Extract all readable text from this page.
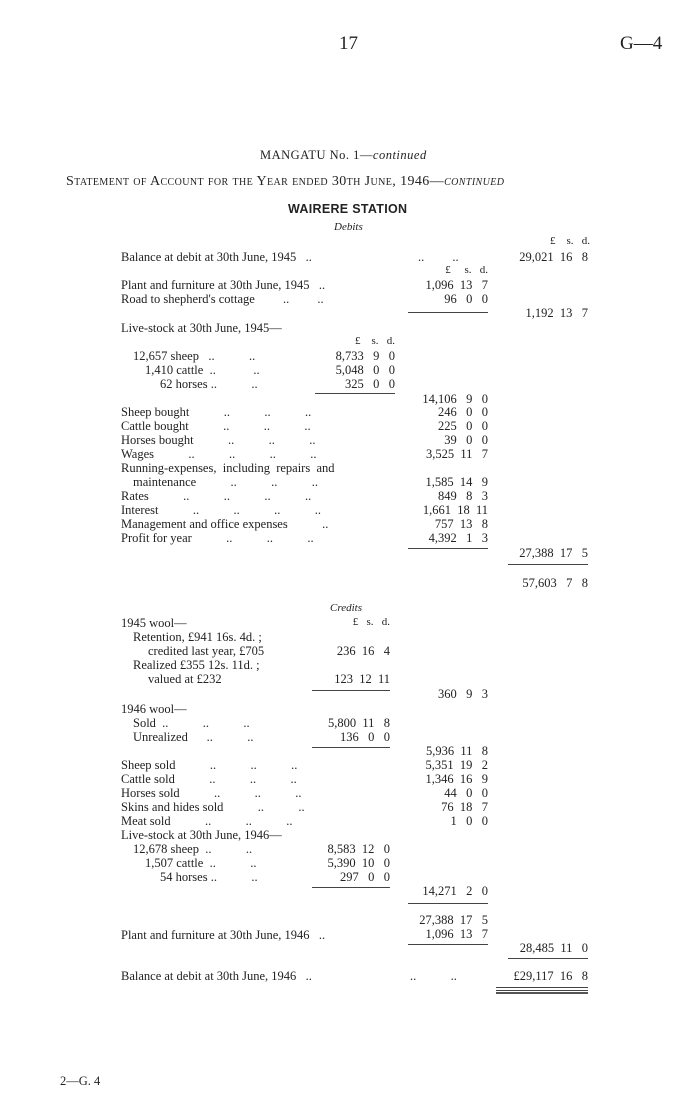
17	G—4
MANGATU No. 1—continued
Statement of Account for the Year ended 30th June, 1946—continued
WAIRERE STATION
Debits
£    s.   d.
Balance at debit at 30th June, 1945   ..	..         ..	29,021  16   8
£     s.   d.
Plant and furniture at 30th June, 1945   ..	1,096  13   7
Road to shepherd's cottage         ..         ..	96   0   0
1,192  13   7
Live-stock at 30th June, 1945—
£    s.   d.
12,657 sheep   ..           ..	8,733   9   0
1,410 cattle  ..            ..	5,048   0   0
62 horses ..           ..	325   0   0
14,106   9   0
Sheep bought           ..           ..           ..	246   0   0
Cattle bought           ..           ..           ..	225   0   0
Horses bought           ..           ..           ..	39   0   0
Wages           ..           ..           ..           ..	3,525  11   7
Running-expenses,  including  repairs  and
maintenance           ..           ..           ..	1,585  14   9
Rates           ..           ..           ..           ..	849   8   3
Interest           ..           ..           ..           ..	1,661  18  11
Management and office expenses           ..	757  13   8
Profit for year           ..           ..           ..	4,392   1   3
27,388  17   5
57,603   7   8
Credits
£   s.   d.
1945 wool—
Retention, £941 16s. 4d. ;
credited last year, £705	236  16   4
Realized £355 12s. 11d. ;
valued at £232	123  12  11
360   9   3
1946 wool—
Sold  ..           ..           ..	5,800  11   8
Unrealized      ..           ..	136   0   0
5,936  11   8
Sheep sold           ..           ..           ..	5,351  19   2
Cattle sold           ..           ..           ..	1,346  16   9
Horses sold           ..           ..           ..	44   0   0
Skins and hides sold           ..           ..	76  18   7
Meat sold           ..           ..           ..	1   0   0
Live-stock at 30th June, 1946—
12,678 sheep  ..           ..	8,583  12   0
1,507 cattle  ..           ..	5,390  10   0
54 horses ..           ..	297   0   0
14,271   2   0
27,388  17   5
Plant and furniture at 30th June, 1946   ..	1,096  13   7
28,485  11   0
Balance at debit at 30th June, 1946   ..	..           ..	£29,117  16   8
2—G. 4
